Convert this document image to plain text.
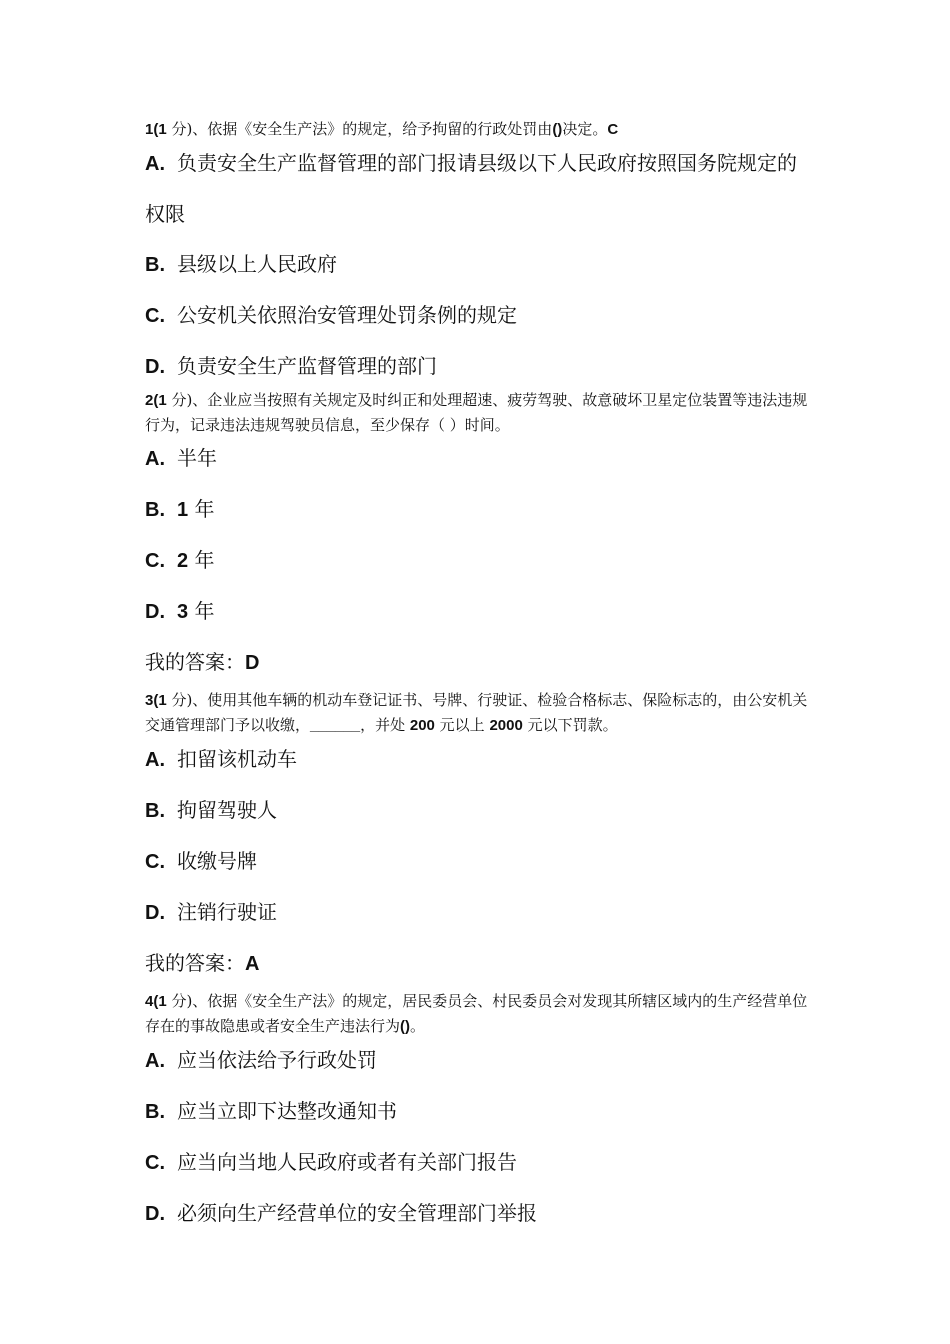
1(1 分)、依据《安全生产法》的规定，给予拘留的行政处罚由()决定。C
A. 负责安全生产监督管理的部门报请县级以下人民政府按照国务院规定的权限
B. 县级以上人民政府
C. 公安机关依照治安管理处罚条例的规定
D. 负责安全生产监督管理的部门
2(1 分)、企业应当按照有关规定及时纠正和处理超速、疲劳驾驶、故意破坏卫星定位装置等违法违规行为，记录违法违规驾驶员信息，至少保存（ ）时间。
A. 半年
B. 1 年
C. 2 年
D. 3 年
我的答案：D
3(1 分)、使用其他车辆的机动车登记证书、号牌、行驶证、检验合格标志、保险标志的，由公安机关交通管理部门予以收缴，______，并处 200 元以上 2000 元以下罚款。
A. 扣留该机动车
B. 拘留驾驶人
C. 收缴号牌
D. 注销行驶证
我的答案：A
4(1 分)、依据《安全生产法》的规定，居民委员会、村民委员会对发现其所辖区域内的生产经营单位存在的事故隐患或者安全生产违法行为()。
A. 应当依法给予行政处罚
B. 应当立即下达整改通知书
C. 应当向当地人民政府或者有关部门报告
D. 必须向生产经营单位的安全管理部门举报
